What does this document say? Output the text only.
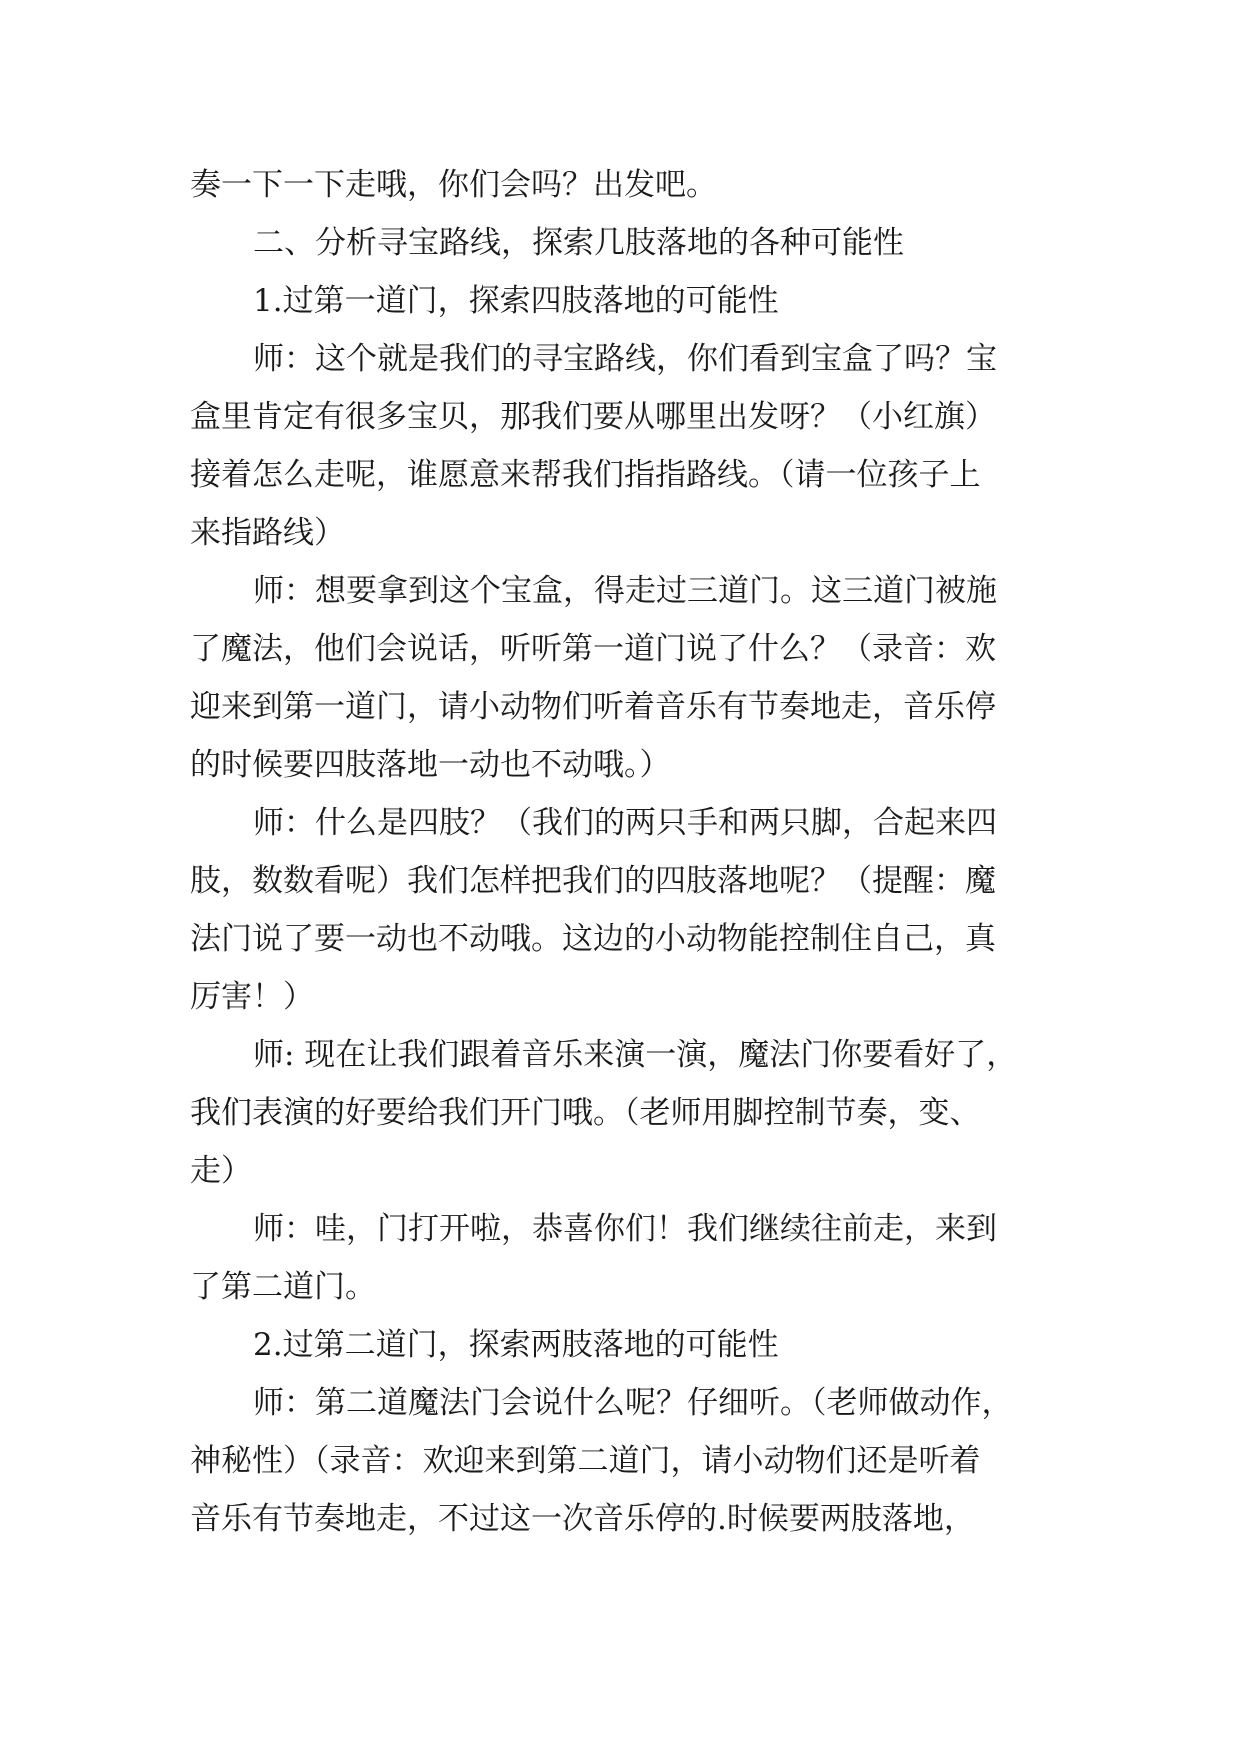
奏一下一下走哦，你们会吗？出发吧。

二、分析寻宝路线，探索几肢落地的各种可能性

1.过第一道门，探索四肢落地的可能性

师：这个就是我们的寻宝路线，你们看到宝盒了吗？宝

盒里肯定有很多宝贝，那我们要从哪里出发呀？（小红旗）

接着怎么走呢，谁愿意来帮我们指指路线。（请一位孩子上

来指路线）

师：想要拿到这个宝盒，得走过三道门。这三道门被施

了魔法，他们会说话，听听第一道门说了什么？（录音：欢

迎来到第一道门，请小动物们听着音乐有节奏地走，音乐停

的时候要四肢落地一动也不动哦。）

师：什么是四肢？（我们的两只手和两只脚，合起来四

肢，数数看呢）我们怎样把我们的四肢落地呢？（提醒：魔

法门说了要一动也不动哦。这边的小动物能控制住自己，真

厉害！）

师: 现在让我们跟着音乐来演一演，魔法门你要看好了，

我们表演的好要给我们开门哦。（老师用脚控制节奏，变、

走）

师：哇，门打开啦，恭喜你们！我们继续往前走，来到

了第二道门。

2.过第二道门，探索两肢落地的可能性

师：第二道魔法门会说什么呢？仔细听。（老师做动作，

神秘性）（录音：欢迎来到第二道门，请小动物们还是听着

音乐有节奏地走，不过这一次音乐停的.时候要两肢落地，
